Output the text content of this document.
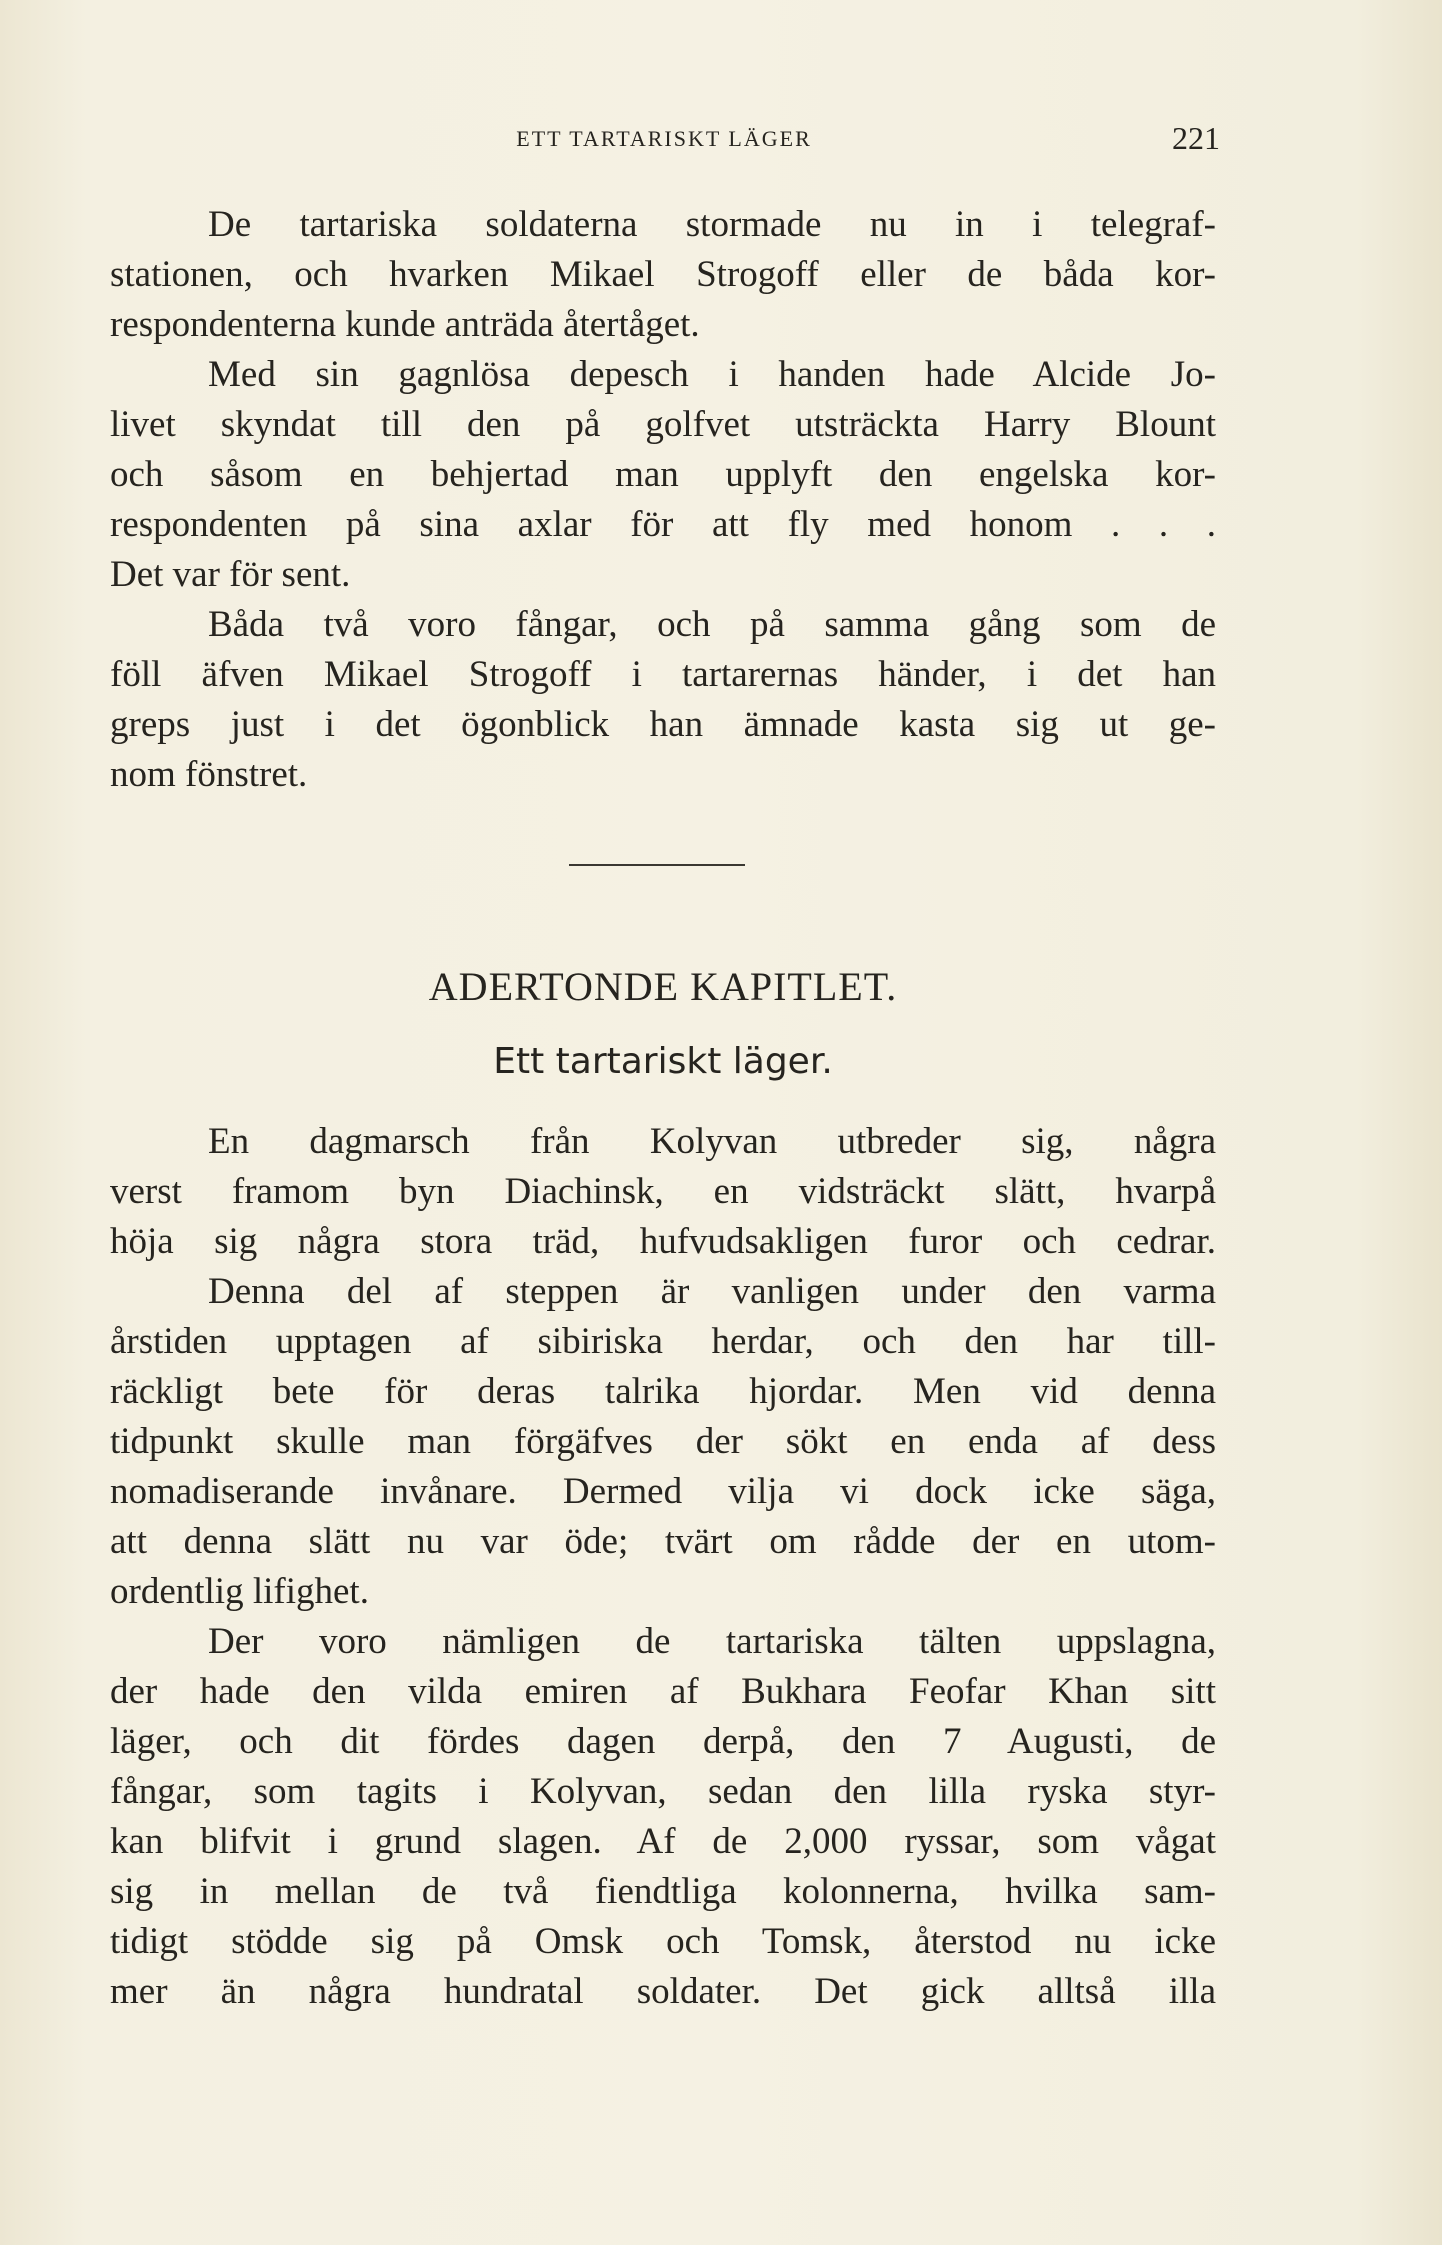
ETT TARTARISKT LÄGER	221
De tartariska soldaterna stormade nu in i telegraf-
stationen, och hvarken Mikael Strogoff eller de båda kor-
respondenterna kunde anträda återtåget.
Med sin gagnlösa depesch i handen hade Alcide Jo-
livet skyndat till den på golfvet utsträckta Harry Blount
och såsom en behjertad man upplyft den engelska kor-
respondenten på sina axlar för att fly med honom . . .
Det var för sent.
Båda två voro fångar, och på samma gång som de
föll äfven Mikael Strogoff i tartarernas händer, i det han
greps just i det ögonblick han ämnade kasta sig ut ge-
nom fönstret.
ADERTONDE KAPITLET.
Ett tartariskt läger.
En dagmarsch från Kolyvan utbreder sig, några
verst framom byn Diachinsk, en vidsträckt slätt, hvarpå
höja sig några stora träd, hufvudsakligen furor och cedrar.
Denna del af steppen är vanligen under den varma
årstiden upptagen af sibiriska herdar, och den har till-
räckligt bete för deras talrika hjordar. Men vid denna
tidpunkt skulle man förgäfves der sökt en enda af dess
nomadiserande invånare. Dermed vilja vi dock icke säga,
att denna slätt nu var öde; tvärt om rådde der en utom-
ordentlig lifighet.
Der voro nämligen de tartariska tälten uppslagna,
der hade den vilda emiren af Bukhara Feofar Khan sitt
läger, och dit fördes dagen derpå, den 7 Augusti, de
fångar, som tagits i Kolyvan, sedan den lilla ryska styr-
kan blifvit i grund slagen. Af de 2,000 ryssar, som vågat
sig in mellan de två fiendtliga kolonnerna, hvilka sam-
tidigt stödde sig på Omsk och Tomsk, återstod nu icke
mer än några hundratal soldater. Det gick alltså illa
